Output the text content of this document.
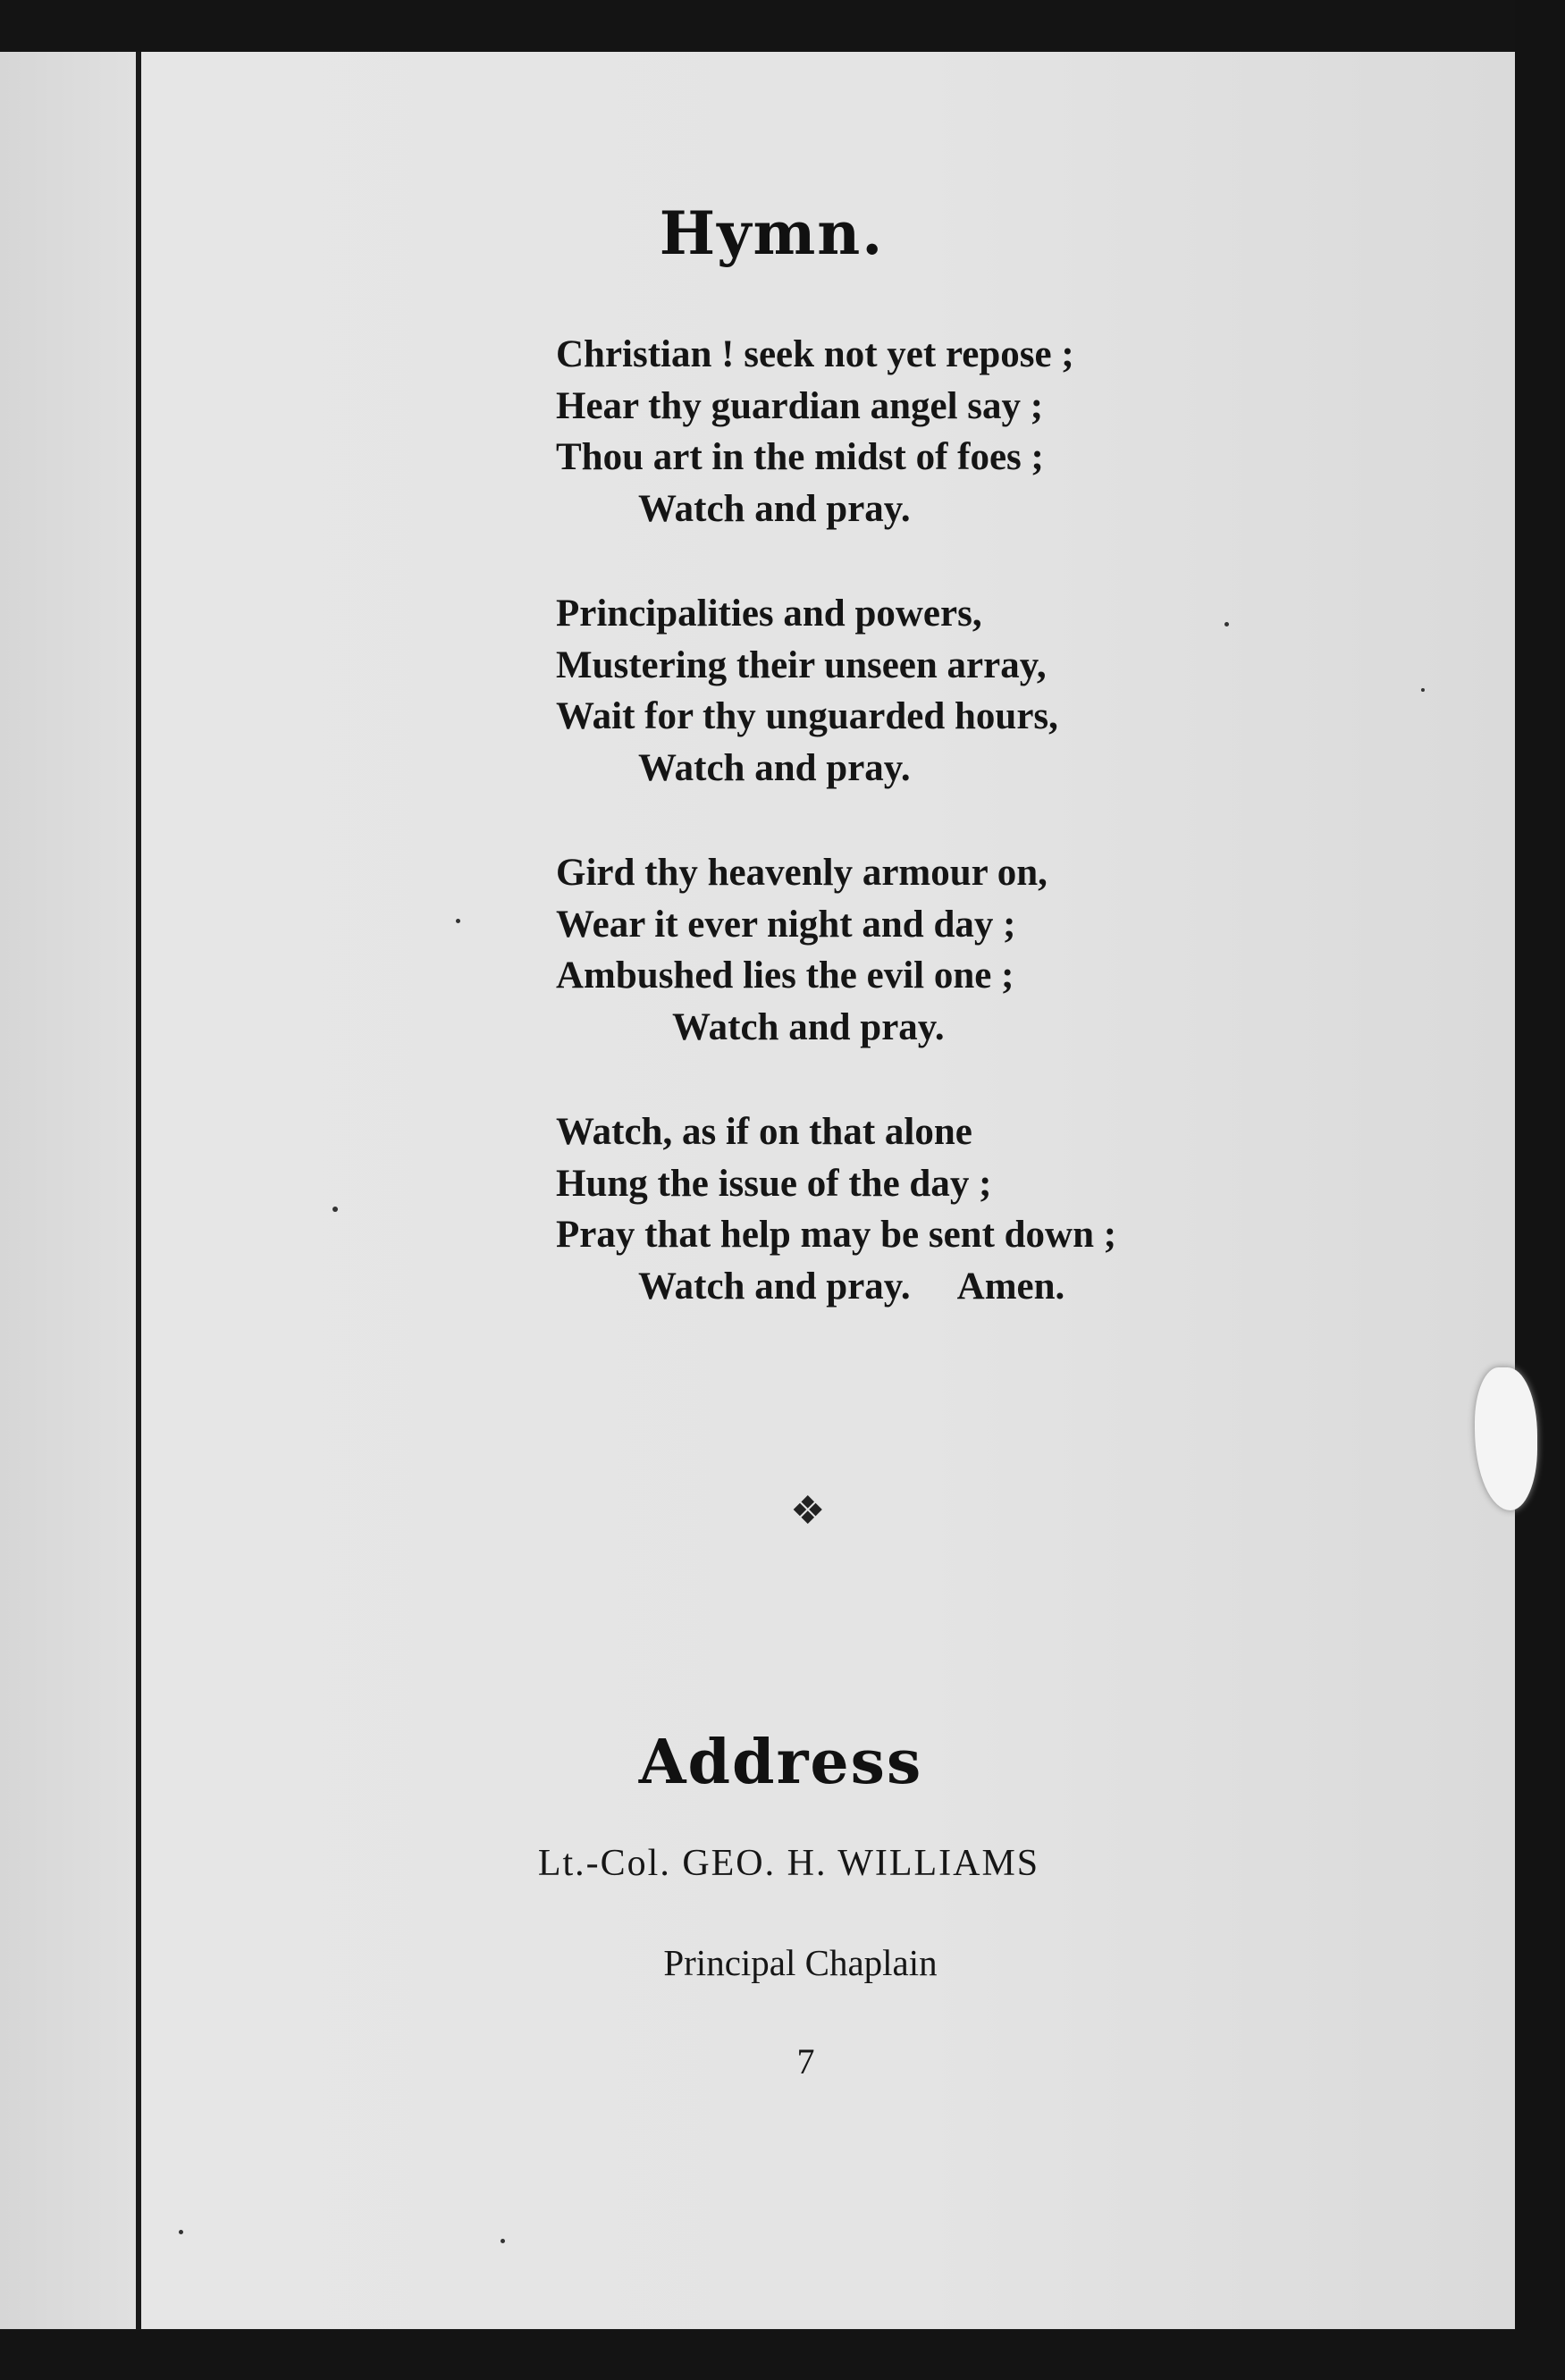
Hymn.
Christian ! seek not yet repose ;
Hear thy guardian angel say ;
Thou art in the midst of foes ;
Watch and pray.
Principalities and powers,
Mustering their unseen array,
Wait for thy unguarded hours,
Watch and pray.
Gird thy heavenly armour on,
Wear it ever night and day ;
Ambushed lies the evil one ;
Watch and pray.
Watch, as if on that alone
Hung the issue of the day ;
Pray that help may be sent down ;
Watch and pray. Amen.
❖
Address
Lt.-Col. GEO. H. WILLIAMS
Principal Chaplain
7
